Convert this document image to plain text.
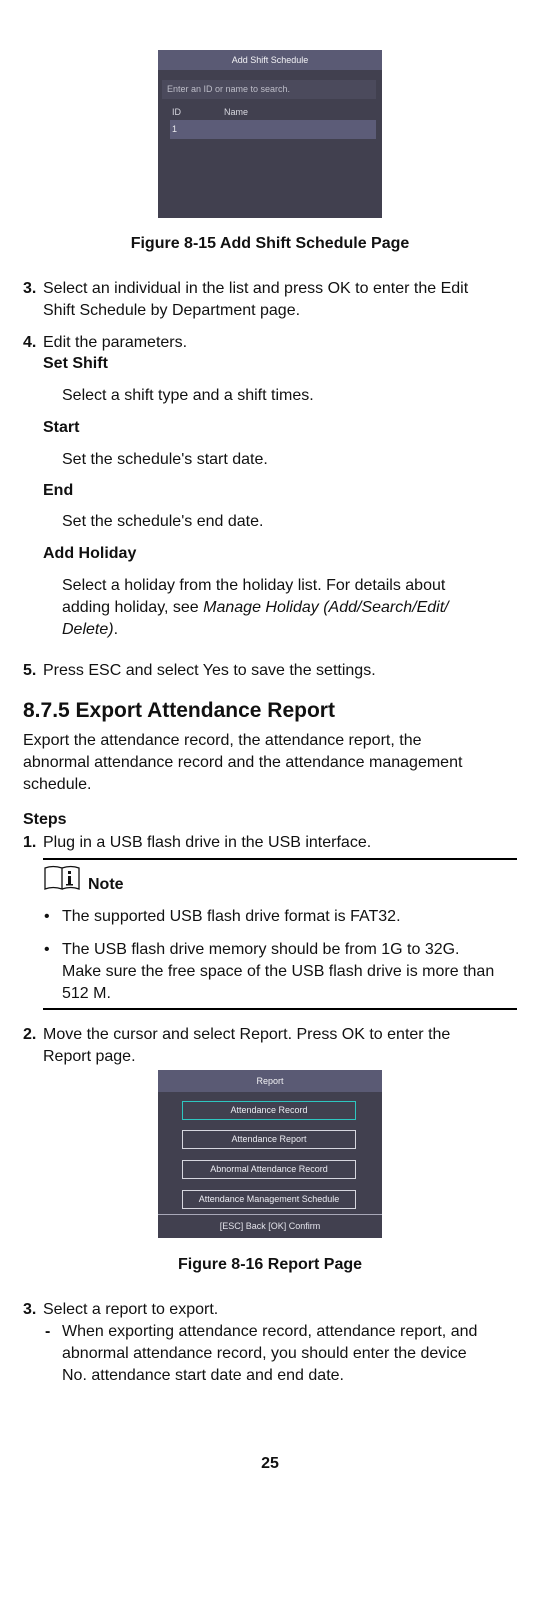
Add Shift Schedule
Enter an ID or name to search.
ID	Name
1
Figure 8-15 Add Shift Schedule Page
3. Select an individual in the list and press OK to enter the Edit
Shift Schedule by Department page.
4. Edit the parameters.
Set Shift
Select a shift type and a shift times.
Start
Set the schedule's start date.
End
Set the schedule's end date.
Add Holiday
Select a holiday from the holiday list. For details about
adding holiday, see Manage Holiday (Add/Search/Edit/
Delete).
5. Press ESC and select Yes to save the settings.
8.7.5 Export Attendance Report
Export the attendance record, the attendance report, the
abnormal attendance record and the attendance management
schedule.
Steps
1. Plug in a USB flash drive in the USB interface.
Note
• The supported USB flash drive format is FAT32.
• The USB flash drive memory should be from 1G to 32G.
Make sure the free space of the USB flash drive is more than
512 M.
2. Move the cursor and select Report. Press OK to enter the
Report page.
Report
Attendance Record
Attendance Report
Abnormal Attendance Record
Attendance Management Schedule
[ESC] Back [OK] Confirm
Figure 8-16 Report Page
3. Select a report to export.
- When exporting attendance record, attendance report, and
abnormal attendance record, you should enter the device
No. attendance start date and end date.
25
